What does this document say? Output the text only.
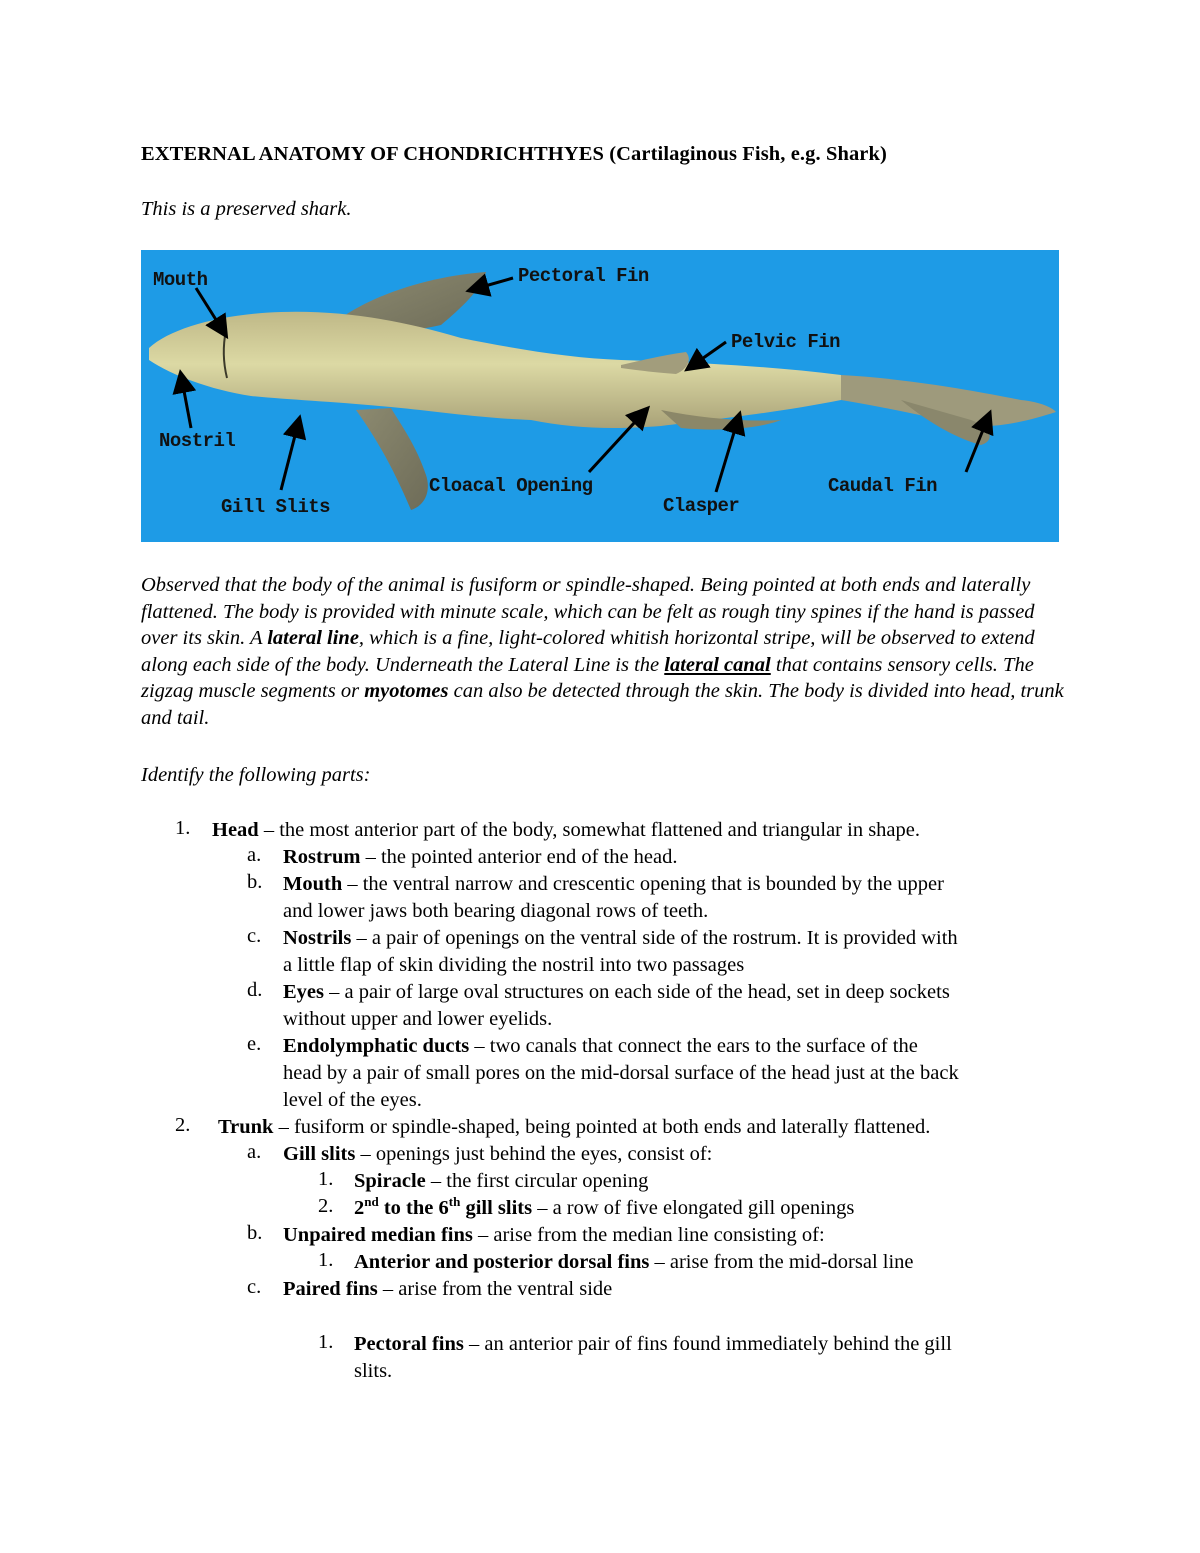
EXTERNAL ANATOMY OF CHONDRICHTHYES (Cartilaginous Fish, e.g. Shark)
This is a preserved shark.
Mouth	Pectoral Fin
Pelvic Fin
Nostril
Gill Slits
Cloacal Opening
Clasper
Caudal Fin
Observed that the body of the animal is fusiform or spindle-shaped. Being pointed at both ends and laterally flattened. The body is provided with minute scale, which can be felt as rough tiny spines if the hand is passed over its skin. A lateral line, which is a fine, light-colored whitish horizontal stripe, will be observed to extend along each side of the body. Underneath the Lateral Line is the lateral canal that contains sensory cells. The zigzag muscle segments or myotomes can also be detected through the skin. The body is divided into head, trunk and tail.
Identify the following parts:
1. Head – the most anterior part of the body, somewhat flattened and triangular in shape.
a. Rostrum – the pointed anterior end of the head.
b. Mouth – the ventral narrow and crescentic opening that is bounded by the upper
and lower jaws both bearing diagonal rows of teeth.
c. Nostrils – a pair of openings on the ventral side of the rostrum. It is provided with
a little flap of skin dividing the nostril into two passages
d. Eyes – a pair of large oval structures on each side of the head, set in deep sockets
without upper and lower eyelids.
e. Endolymphatic ducts – two canals that connect the ears to the surface of the
head by a pair of small pores on the mid-dorsal surface of the head just at the back
level of the eyes.
2. Trunk – fusiform or spindle-shaped, being pointed at both ends and laterally flattened.
a. Gill slits – openings just behind the eyes, consist of:
1. Spiracle – the first circular opening
2. 2nd to the 6th gill slits – a row of five elongated gill openings
b. Unpaired median fins – arise from the median line consisting of:
1. Anterior and posterior dorsal fins – arise from the mid-dorsal line
c. Paired fins – arise from the ventral side
1. Pectoral fins – an anterior pair of fins found immediately behind the gill
slits.
